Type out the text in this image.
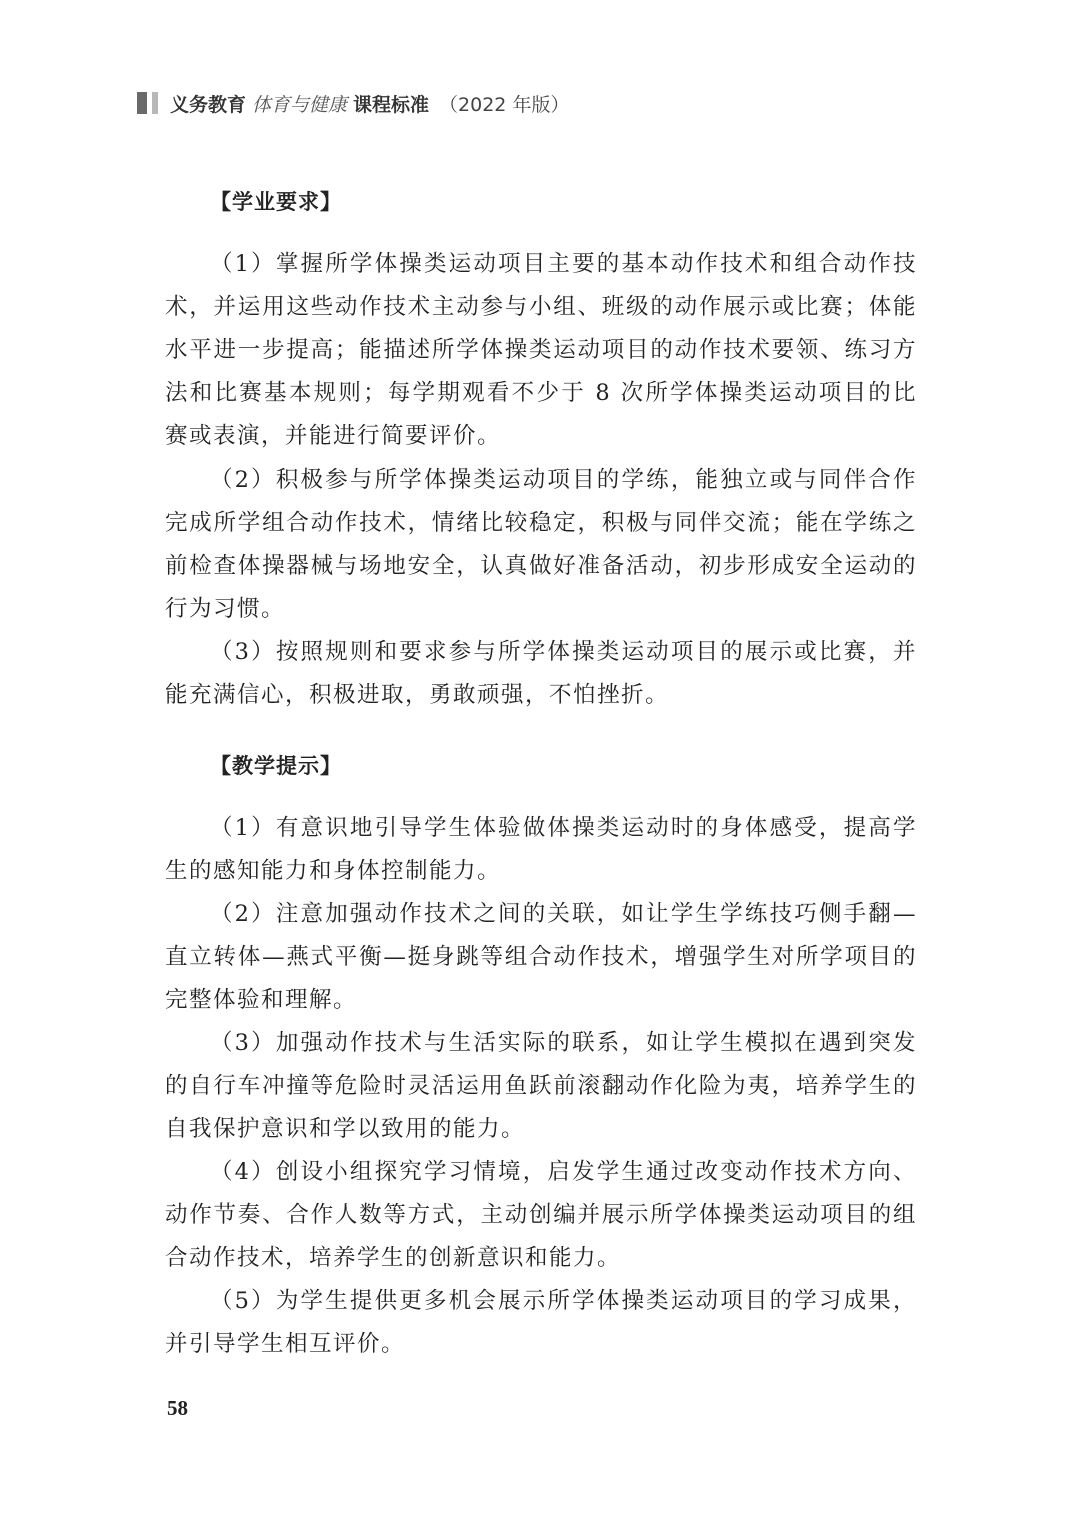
义务教育 体育与健康 课程标准 （2022 年版）
【学业要求】

（1）掌握所学体操类运动项目主要的基本动作技术和组合动作技术，并运用这些动作技术主动参与小组、班级的动作展示或比赛；体能水平进一步提高；能描述所学体操类运动项目的动作技术要领、练习方法和比赛基本规则；每学期观看不少于 8 次所学体操类运动项目的比赛或表演，并能进行简要评价。

（2）积极参与所学体操类运动项目的学练，能独立或与同伴合作完成所学组合动作技术，情绪比较稳定，积极与同伴交流；能在学练之前检查体操器械与场地安全，认真做好准备活动，初步形成安全运动的行为习惯。

（3）按照规则和要求参与所学体操类运动项目的展示或比赛，并能充满信心，积极进取，勇敢顽强，不怕挫折。

【教学提示】

（1）有意识地引导学生体验做体操类运动时的身体感受，提高学生的感知能力和身体控制能力。

（2）注意加强动作技术之间的关联，如让学生学练技巧侧手翻—直立转体—燕式平衡—挺身跳等组合动作技术，增强学生对所学项目的完整体验和理解。

（3）加强动作技术与生活实际的联系，如让学生模拟在遇到突发的自行车冲撞等危险时灵活运用鱼跃前滚翻动作化险为夷，培养学生的自我保护意识和学以致用的能力。

（4）创设小组探究学习情境，启发学生通过改变动作技术方向、动作节奏、合作人数等方式，主动创编并展示所学体操类运动项目的组合动作技术，培养学生的创新意识和能力。

（5）为学生提供更多机会展示所学体操类运动项目的学习成果，并引导学生相互评价。

58
